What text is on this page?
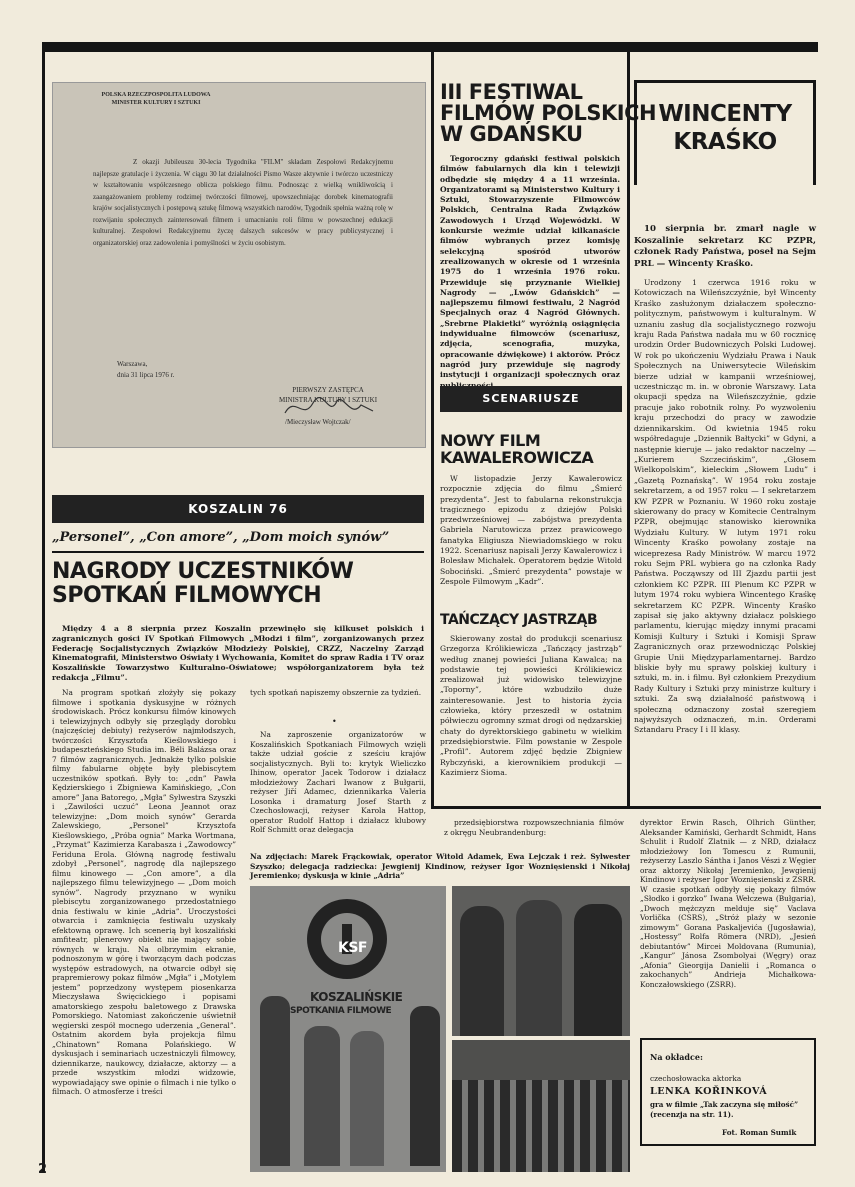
POLSKA RZECZPOSPOLITA LUDOWA
MINISTER KULTURY I SZTUKI
Z okazji Jubileuszu 30-lecia Tygodnika "FILM" składam Zespołowi Redakcyjnemu najlepsze gratulacje i życzenia. W ciągu 30 lat działalności Pismo Wasze aktywnie i twórczo uczestniczy w kształtowaniu współczesnego oblicza polskiego filmu. Podnosząc z wielką wnikliwością i zaangażowaniem problemy rodzimej twórczości filmowej, upowszechniając dorobek kinematografii krajów socjalistycznych i postępową sztukę filmową wszystkich narodów, Tygodnik spełnia ważną rolę w rozwijaniu społecznych zainteresowań filmem i umacnianiu roli filmu w powszechnej edukacji kulturalnej. Zespołowi Redakcyjnemu życzę dalszych sukcesów w pracy publicystycznej i organizatorskiej oraz zadowolenia i pomyślności w życiu osobistym.
Warszawa,
dnia 31 lipca 1976 r.
PIERWSZY ZASTĘPCA
MINISTRA KULTURY I SZTUKI
/Mieczysław Wojtczak/
KOSZALIN 76
„Personel”, „Con amore”, „Dom moich synów”
NAGRODY UCZESTNIKÓW
SPOTKAŃ FILMOWYCH
Między 4 a 8 sierpnia przez Koszalin przewinęło się kilkuset polskich i zagranicznych gości IV Spotkań Filmowych „Młodzi i film”, zorganizowanych przez Federację Socjalistycznych Związków Młodzieży Polskiej, CRZZ, Naczelny Zarząd Kinematografii, Ministerstwo Oświaty i Wychowania, Komitet do spraw Radia i TV oraz Koszalińskie Towarzystwo Kulturalno-Oświatowe; współorganizatorem była też redakcja „Filmu”.
Na program spotkań złożyły się pokazy filmowe i spotkania dyskusyjne w różnych środowiskach. Prócz konkursu filmów kinowych i telewizyjnych odbyły się przeglądy dorobku (najczęściej debiuty) reżyserów najmłodszych, twórczości Krzysztofa Kieślowskiego i budapeszteńskiego Studia im. Béli Balázsa oraz 7 filmów zagranicznych. Jednakże tylko polskie filmy fabularne objęte były plebiscytem uczestników spotkań. Były to: „cdn” Pawła Kędzierskiego i Zbigniewa Kamińskiego, „Con amore” Jana Batorego, „Mgła” Sylwestra Szyszki i „Zawilości uczuć” Leona Jeannot oraz telewizyjne: „Dom moich synów” Gerarda Zalewskiego, „Personel” Krzysztofa Kieślowskiego, „Próba ognia” Marka Wortmana, „Przymat” Kazimierza Karabasza i „Zawodowcy” Feridunа Erola. Główną nagrodę festiwalu zdobył „Personel”, nagrodę dla najlepszego filmu kinowego — „Con amore”, a dla najlepszego filmu telewizyjnego — „Dom moich synów”. Nagrody przyznano w wyniku plebiscytu zorganizowanego przedostatniego dnia festiwalu w kinie „Adria”. Uroczystości otwarcia i zamknięcia festiwalu uzyskały efektowną oprawę. Ich scenerią był koszaliński amfiteatr, plenerowy obiekt nie mający sobie równych w kraju. Na olbrzymim ekranie, podnoszonym w górę i tworzącym dach podczas występów estradowych, na otwarcie odbył się prapremierowy pokaz filmów „Mgła” i „Motylem jestem” poprzedzony występem piosenkarza Mieczysława Święcickiego i popisami amatorskiego zespołu baletowego z Drawska Pomorskiego. Natomiast zakończenie uświetnił węgierski zespół mocnego uderzenia „General”. Ostatnim akordem była projekcja filmu „Chinatown” Romana Polańskiego. W dyskusjach i seminariach uczestniczyli filmowcy, dziennikarze, naukowcy, działacze, aktorzy — a przede wszystkim młodzi widzowie, wypowiadający swe opinie o filmach i nie tylko o filmach. O atmosferze i treści
tych spotkań napiszemy obszernie za tydzień.
•
Na zaproszenie organizatorów w Koszalińskich Spotkaniach Filmowych wzięli także udział goście z sześciu krajów socjalistycznych. Byli to: krytyk Wieliczko Ihinow, operator Jacek Todorow i działacz młodzieżowy Zachari Iwanow z Bułgarii, reżyser Jiří Adamec, dziennikarka Valeria Losonka i dramaturg Josef Starth z Czechosłowacji, reżyser Karola Hattop, operator Rudolf Hattop i działacz klubowy Rolf Schmitt oraz delegacja
przedsiębiorstwa rozpowszechniania filmów z okręgu Neubrandenburg:
Na zdjęciach: Marek Frąckowiak, operator Witold Adamek, Ewa Lejczak i reż. Sylwester Szyszko; delegacja radziecka: Jewgienij Kindinow, reżyser Igor Woznięsienski i Nikołaj Jeremienko; dyskusja w kinie „Adria”
dyrektor Erwin Rasch, Olhrich Günther, Aleksander Kamiński, Gerhardt Schmidt, Hans Schulit i Rudolf Zlatnik — z NRD, działacz młodzieżowy Ion Tomescu z Rumunii, reżyserzy Laszlo Sántha i Janos Vészi z Węgier oraz aktorzy Nikołaj Jeremienko, Jewgienij Kindinow i reżyser Igor Woznięsienski z ZSRR. W czasie spotkań odbyły się pokazy filmów „Słodko i gorzko” Iwana Wełczewa (Bułgaria), „Dwoch mężczyzn melduje się” Vaclava Vorlička (CSRS), „Stróż plaży w sezonie zimowym” Gorana Paskaljevića (Jugosławia), „Hostessy” Rolfa Römera (NRD), „Jesień debiutantów” Mircei Moldovana (Rumunia), „Kangur” Jánosa Zsombolyai (Węgry) oraz „Afonia” Gieorgija Danielii i „Romanca o zakochanych” Andrieja Michałkowa-Konczałowskiego (ZSRR).
KSF
KOSZALIŃSKIE
SPOTKANIA FILMOWE
III FESTIWAL
FILMÓW POLSKICH
W GDAŃSKU
Tegoroczny gdański festiwal polskich filmów fabularnych dla kin i telewizji odbędzie się między 4 a 11 września. Organizatorami są Ministerstwo Kultury i Sztuki, Stowarzyszenie Filmowców Polskich, Centralna Rada Związków Zawodowych i Urząd Wojewódzki. W konkursie weźmie udział kilkanaście filmów wybranych przez komisję selekcyjną spośród utworów zrealizowanych w okresie od 1 września 1975 do 1 września 1976 roku. Przewiduje się przyznanie Wielkiej Nagrody — „Lwów Gdańskich” — najlepszemu filmowi festiwalu, 2 Nagród Specjalnych oraz 4 Nagród Głównych. „Srebrne Plakietki” wyróżnią osiągnięcia indywidualne filmowców (scenariusz, zdjęcia, scenografia, muzyka, opracowanie dźwiękowe) i aktorów. Prócz nagród jury przewiduje się nagrody instytucji i organizacji społecznych oraz
SCENARIUSZE
NOWY FILM
KAWALEROWICZA
W listopadzie Jerzy Kawalerowicz rozpocznie zdjęcia do filmu „Śmierć prezydenta”. Jest to fabularna rekonstrukcja tragicznego epizodu z dziejów Polski przedwrześniowej — zabójstwa prezydenta Gabriela Narutowicza przez prawicowego fanatyka Eligiusza Niewiadomskiego w roku 1922. Scenariusz napisali Jerzy Kawalerowicz i Bolesław Michałek. Operatorem będzie Witold Sobociński. „Śmierć prezydenta” powstaje w Zespole Filmowym „Kadr”.
TAŃCZĄCY JASTRZĄB
Skierowany został do produkcji scenariusz Grzegorza Królikiewicza „Tańczący jastrząb” według znanej powieści Juliana Kawalca; na podstawie tej powieści Królikiewicz zrealizował już widowisko telewizyjne „Toporny”, które wzbudziło duże zainteresowanie. Jest to historia życia człowieka, który przeszedł w ostatnim półwieczu ogromny szmat drogi od nędzarskiej chaty do dyrektorskiego gabinetu w wielkim przedsiębiorstwie. Film powstanie w Zespole „Profil”. Autorem zdjęć będzie Zbigniew Rybczyński, a kierownikiem produkcji — Kazimierz Sioma.
WINCENTY
KRAŚKO
10 sierpnia br. zmarł nagle w Koszalinie sekretarz KC PZPR, członek Rady Państwa, poseł na Sejm PRL — Wincenty Kraśko.
Urodzony 1 czerwca 1916 roku w Kotowiczach na Wileńszczyźnie, był Wincenty Kraśko zasłużonym działaczem społeczno-politycznym, państwowym i kulturalnym. W uznaniu zasług dla socjalistycznego rozwoju kraju Rada Państwa nadała mu w 60 rocznicę urodzin Order Budowniczych Polski Ludowej. W rok po ukończeniu Wydziału Prawa i Nauk Społecznych na Uniwersytecie Wileńskim bierze udział w kampanii wrześniowej, uczestnicząc m. in. w obronie Warszawy. Lata okupacji spędza na Wileńszczyźnie, gdzie pracuje jako robotnik rolny. Po wyzwoleniu kraju przechodzi do pracy w zawodzie dziennikarskim. Od kwietnia 1945 roku współredaguje „Dziennik Bałtycki” w Gdyni, a następnie kieruje — jako redaktor naczelny — „Kurierem Szczecińskim”, „Głosem Wielkopolskim”, kieleckim „Słowem Ludu” i „Gazetą Poznańską”. W 1954 roku zostaje sekretarzem, a od 1957 roku — I sekretarzem KW PZPR w Poznaniu. W 1960 roku zostaje skierowany do pracy w Komitecie Centralnym PZPR, obejmując stanowisko kierownika Wydziału Kultury. W lutym 1971 roku Wincenty Kraśko powołany zostaje na wiceprezesa Rady Ministrów. W marcu 1972 roku Sejm PRL wybiera go na członka Rady Państwa. Począwszy od III Zjazdu partii jest członkiem KC PZPR. III Plenum KC PZPR w lutym 1974 roku wybiera Wincentego Kraśkę sekretarzem KC PZPR. Wincenty Kraśko zapisał się jako aktywny działacz polskiego parlamentu, kierując między innymi pracami Komisji Kultury i Sztuki i Komisji Spraw Zagranicznych oraz przewodnicząc Polskiej Grupie Unii Międzyparlamentarnej. Bardzo bliskie były mu sprawy polskiej kultury i sztuki, m. in. i filmu. Był członkiem Prezydium Rady Kultury i Sztuki przy ministrze kultury i sztuki. Za swą działalność państwową i społeczną odznaczony został szeregiem najwyższych odznaczeń, m.in. Orderami Sztandaru Pracy I i II klasy.
Na okładce:
czechosłowacka aktorka
LENKA KOŘINKOVÁ
gra w filmie „Tak zaczyna się miłość” (recenzja na str. 11).
Fot. Roman Sumik
2
